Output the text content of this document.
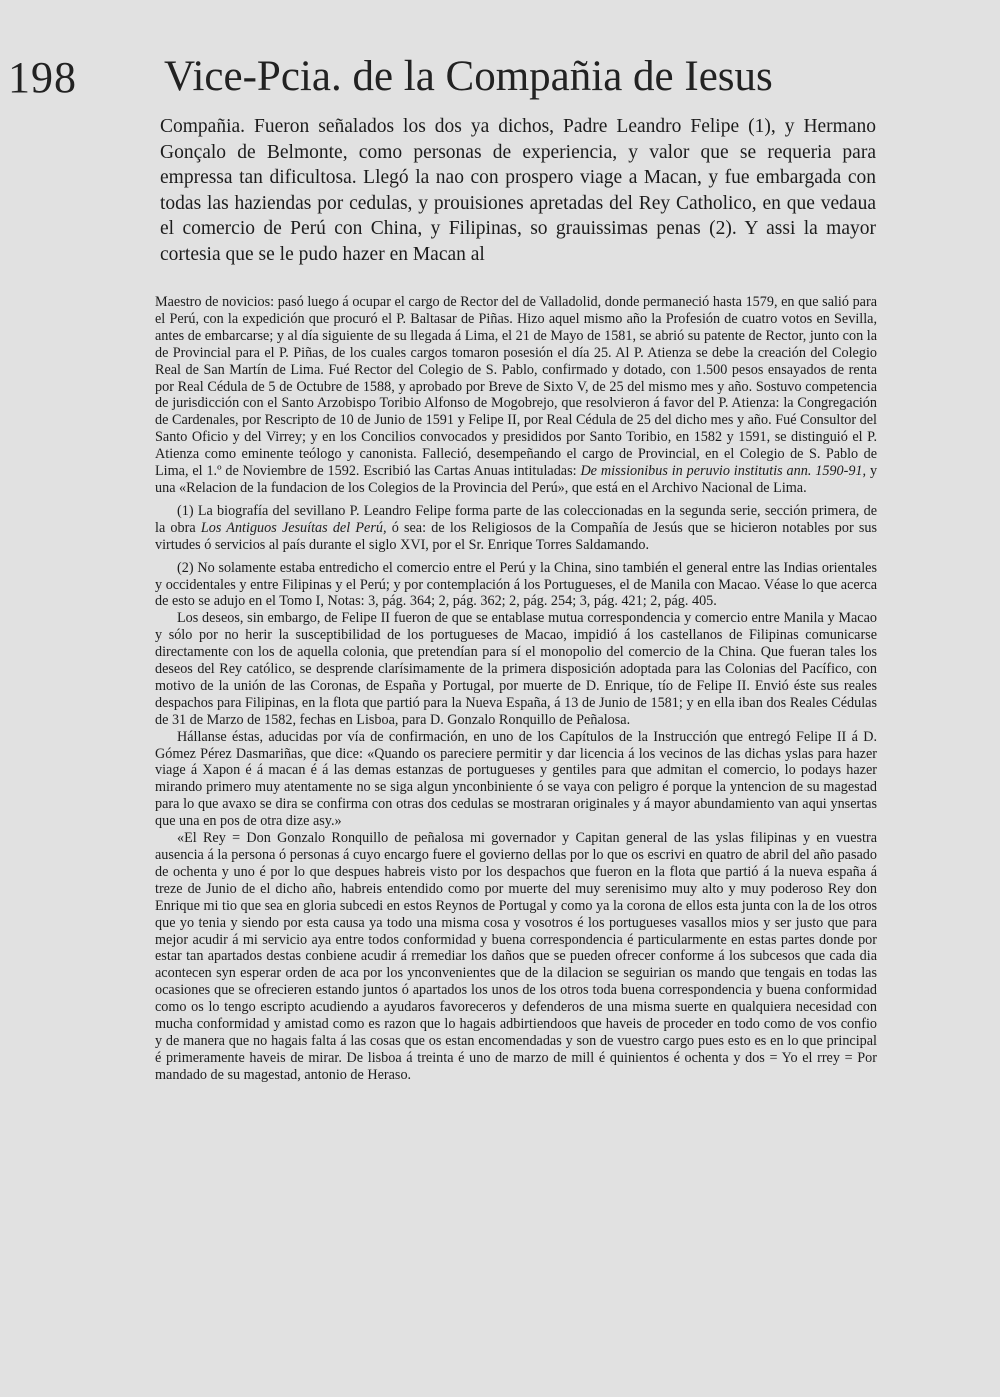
198 Vice-Pcia. de la Compañia de Iesus

Compañia. Fueron señalados los dos ya dichos, Padre Leandro Felipe (1), y Hermano Gonçalo de Belmonte, como personas de experiencia, y valor que se requeria para empressa tan dificultosa. Llegó la nao con prospero viage a Macan, y fue embargada con todas las haziendas por cedulas, y prouisiones apretadas del Rey Catholico, en que vedaua el comercio de Perú con China, y Filipinas, so grauissimas penas (2). Y assi la mayor cortesia que se le pudo hazer en Macan al

Maestro de novicios: pasó luego á ocupar el cargo de Rector del de Valladolid, donde permaneció hasta 1579, en que salió para el Perú, con la expedición que procuró el P. Baltasar de Piñas. Hizo aquel mismo año la Profesión de cuatro votos en Sevilla, antes de embarcarse; y al día siguiente de su llegada á Lima, el 21 de Mayo de 1581, se abrió su patente de Rector, junto con la de Provincial para el P. Piñas, de los cuales cargos tomaron posesión el día 25. Al P. Atienza se debe la creación del Colegio Real de San Martín de Lima. Fué Rector del Colegio de S. Pablo, confirmado y dotado, con 1.500 pesos ensayados de renta por Real Cédula de 5 de Octubre de 1588, y aprobado por Breve de Sixto V, de 25 del mismo mes y año. Sostuvo competencia de jurisdicción con el Santo Arzobispo Toribio Alfonso de Mogobrejo, que resolvieron á favor del P. Atienza: la Congregación de Cardenales, por Rescripto de 10 de Junio de 1591 y Felipe II, por Real Cédula de 25 del dicho mes y año. Fué Consultor del Santo Oficio y del Virrey; y en los Concilios convocados y presididos por Santo Toribio, en 1582 y 1591, se distinguió el P. Atienza como eminente teólogo y canonista. Falleció, desempeñando el cargo de Provincial, en el Colegio de S. Pablo de Lima, el 1.º de Noviembre de 1592. Escribió las Cartas Anuas intituladas: De missionibus in peruvio institutis ann. 1590-91, y una «Relacion de la fundacion de los Colegios de la Provincia del Perú», que está en el Archivo Nacional de Lima.

(1) La biografía del sevillano P. Leandro Felipe forma parte de las coleccionadas en la segunda serie, sección primera, de la obra Los Antiguos Jesuítas del Perú, ó sea: de los Religiosos de la Compañía de Jesús que se hicieron notables por sus virtudes ó servicios al país durante el siglo XVI, por el Sr. Enrique Torres Saldamando.

(2) No solamente estaba entredicho el comercio entre el Perú y la China, sino también el general entre las Indias orientales y occidentales y entre Filipinas y el Perú; y por contemplación á los Portugueses, el de Manila con Macao. Véase lo que acerca de esto se adujo en el Tomo I, Notas: 3, pág. 364; 2, pág. 362; 2, pág. 254; 3, pág. 421; 2, pág. 405.

Los deseos, sin embargo, de Felipe II fueron de que se entablase mutua correspondencia y comercio entre Manila y Macao y sólo por no herir la susceptibilidad de los portugueses de Macao, impidió á los castellanos de Filipinas comunicarse directamente con los de aquella colonia, que pretendían para sí el monopolio del comercio de la China. Que fueran tales los deseos del Rey católico, se desprende clarísimamente de la primera disposición adoptada para las Colonias del Pacífico, con motivo de la unión de las Coronas, de España y Portugal, por muerte de D. Enrique, tío de Felipe II. Envió éste sus reales despachos para Filipinas, en la flota que partió para la Nueva España, á 13 de Junio de 1581; y en ella iban dos Reales Cédulas de 31 de Marzo de 1582, fechas en Lisboa, para D. Gonzalo Ronquillo de Peñalosa.

Hállanse éstas, aducidas por vía de confirmación, en uno de los Capítulos de la Instrucción que entregó Felipe II á D. Gómez Pérez Dasmariñas, que dice: «Quando os pareciere permitir y dar licencia á los vecinos de las dichas yslas para hazer viage á Xapon é á macan é á las demas estanzas de portugueses y gentiles para que admitan el comercio, lo podays hazer mirando primero muy atentamente no se siga algun ynconbiniente ó se vaya con peligro é porque la yntencion de su magestad para lo que avaxo se dira se confirma con otras dos cedulas se mostraran originales y á mayor abundamiento van aqui ynsertas que una en pos de otra dize asy.»

«El Rey = Don Gonzalo Ronquillo de peñalosa mi governador y Capitan general de las yslas filipinas y en vuestra ausencia á la persona ó personas á cuyo encargo fuere el govierno dellas por lo que os escrivi en quatro de abril del año pasado de ochenta y uno é por lo que despues habreis visto por los despachos que fueron en la flota que partió á la nueva españa á treze de Junio de el dicho año, habreis entendido como por muerte del muy serenisimo muy alto y muy poderoso Rey don Enrique mi tio que sea en gloria subcedi en estos Reynos de Portugal y como ya la corona de ellos esta junta con la de los otros que yo tenia y siendo por esta causa ya todo una misma cosa y vosotros é los portugueses vasallos mios y ser justo que para mejor acudir á mi servicio aya entre todos conformidad y buena correspondencia é particularmente en estas partes donde por estar tan apartados destas conbiene acudir á rremediar los daños que se pueden ofrecer conforme á los subcesos que cada dia acontecen syn esperar orden de aca por los ynconvenientes que de la dilacion se seguirian os mando que tengais en todas las ocasiones que se ofrecieren estando juntos ó apartados los unos de los otros toda buena correspondencia y buena conformidad como os lo tengo escripto acudiendo a ayudaros favoreceros y defenderos de una misma suerte en qualquiera necesidad con mucha conformidad y amistad como es razon que lo hagais adbirtiendoos que haveis de proceder en todo como de vos confio y de manera que no hagais falta á las cosas que os estan encomendadas y son de vuestro cargo pues esto es en lo que principal é primeramente haveis de mirar. De lisboa á treinta é uno de marzo de mill é quinientos é ochenta y dos = Yo el rrey = Por mandado de su magestad, antonio de Heraso.
